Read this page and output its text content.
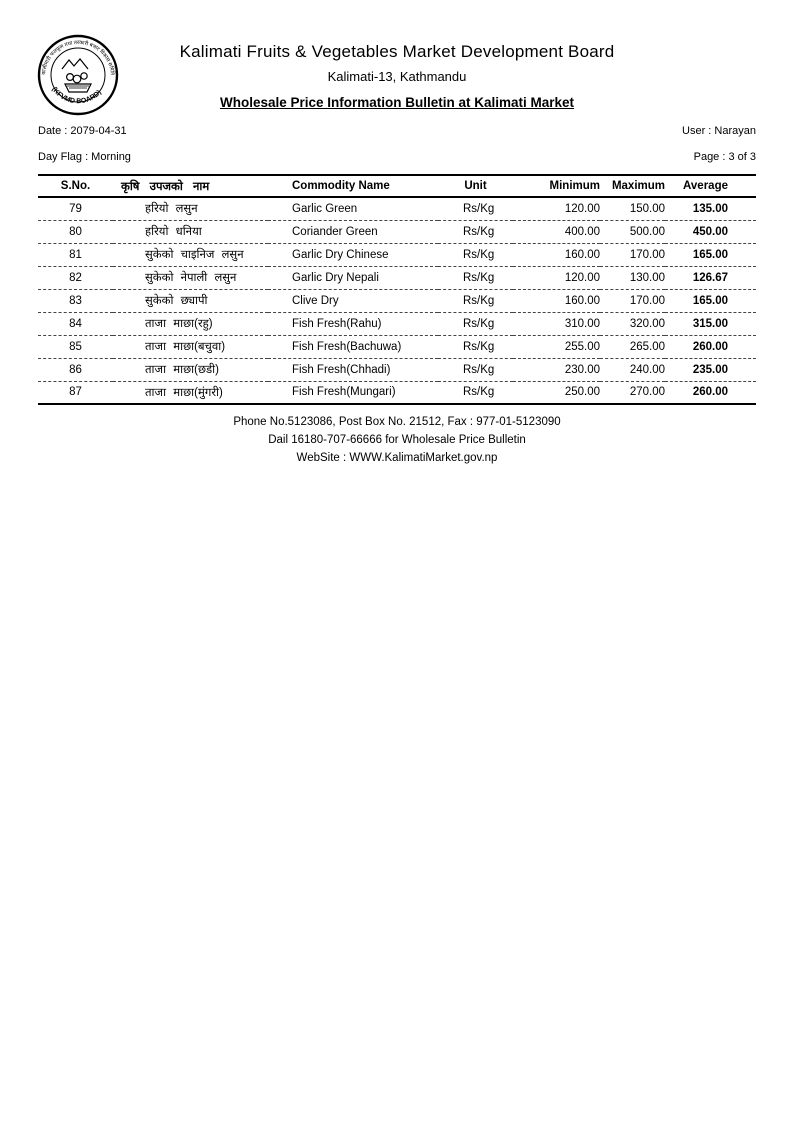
कालीमाटी फलफूल तथा तरकारी बजार विकास समिति
(KFVMD BOARD)
Kalimati Fruits & Vegetables Market Development Board
Kalimati-13, Kathmandu
Wholesale Price Information Bulletin at Kalimati Market
Date : 2079-04-31	User : Narayan
Day Flag : Morning	Page : 3 of 3
S.No.	कृषि उपजको नाम	Commodity Name	Unit	Minimum	Maximum	Average
79	हरियो लसुन	Garlic Green	Rs/Kg	120.00	150.00	135.00
80	हरियो धनिया	Coriander Green	Rs/Kg	400.00	500.00	450.00
81	सुकेको चाइनिज लसुन	Garlic Dry Chinese	Rs/Kg	160.00	170.00	165.00
82	सुकेको नेपाली लसुन	Garlic Dry Nepali	Rs/Kg	120.00	130.00	126.67
83	सुकेको छ्यापी	Clive Dry	Rs/Kg	160.00	170.00	165.00
84	ताजा माछा(रहु)	Fish Fresh(Rahu)	Rs/Kg	310.00	320.00	315.00
85	ताजा माछा(बचुवा)	Fish Fresh(Bachuwa)	Rs/Kg	255.00	265.00	260.00
86	ताजा माछा(छडी)	Fish Fresh(Chhadi)	Rs/Kg	230.00	240.00	235.00
87	ताजा माछा(मुंगरी)	Fish Fresh(Mungari)	Rs/Kg	250.00	270.00	260.00
Phone No.5123086, Post Box No. 21512, Fax : 977-01-5123090
Dail 16180-707-66666 for Wholesale Price Bulletin
WebSite : WWW.KalimatiMarket.gov.np
